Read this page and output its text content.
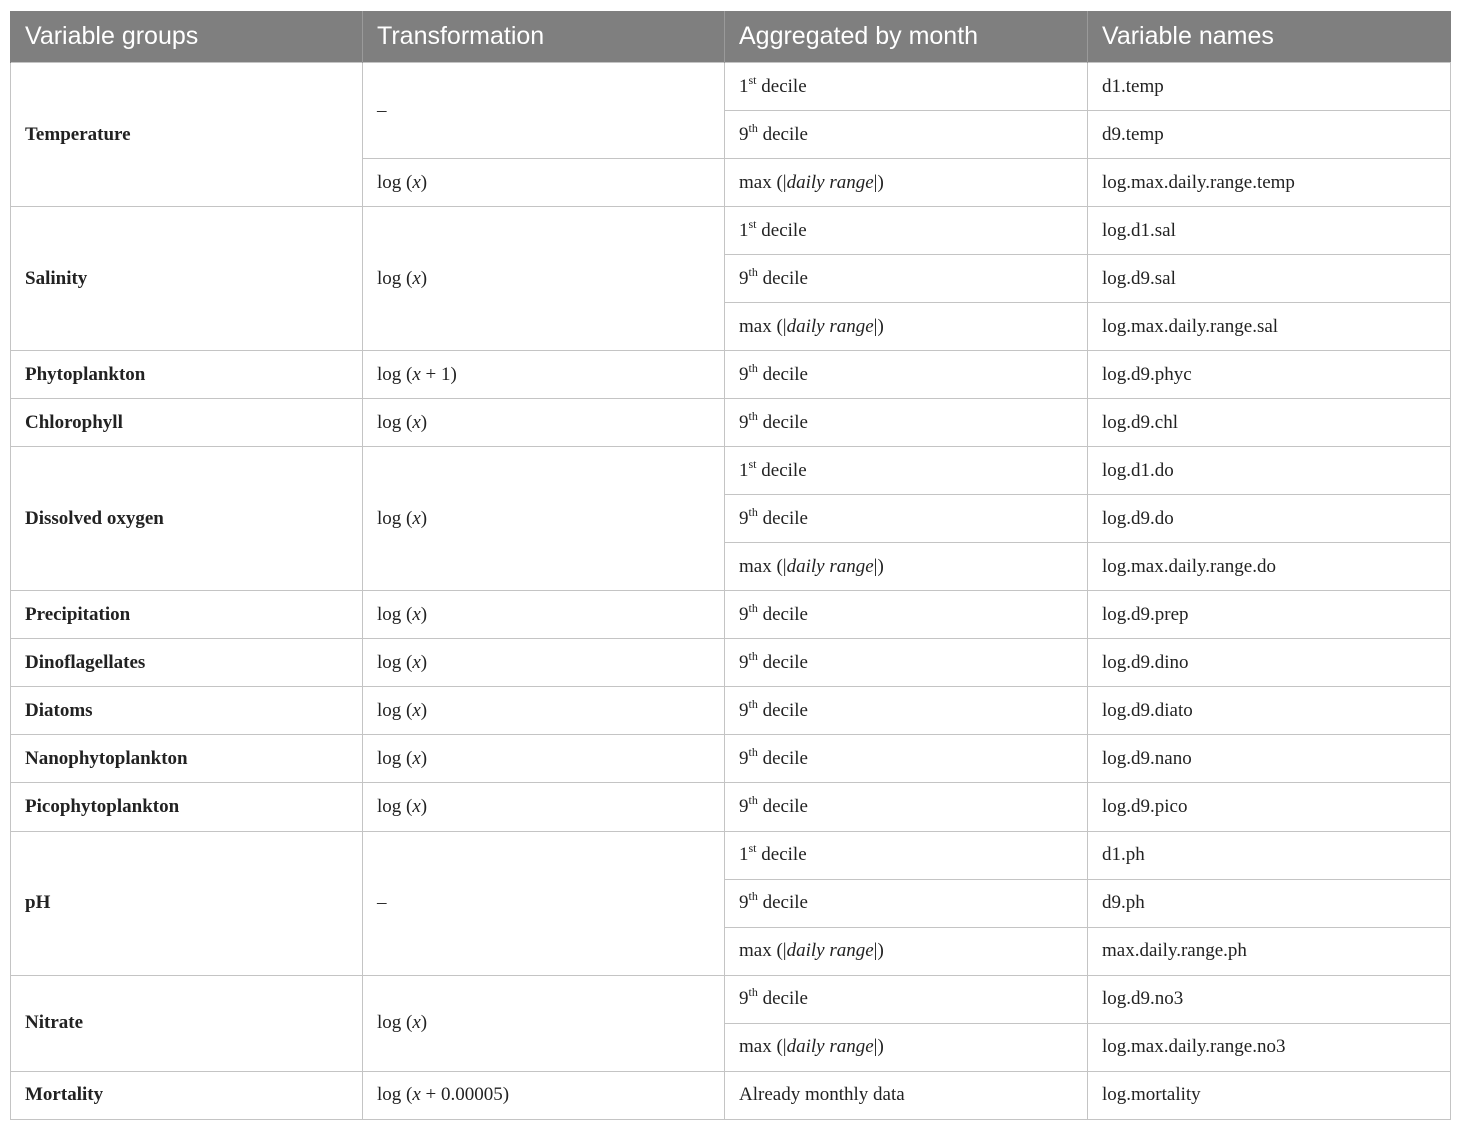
Variable groups	Transformation	Aggregated by month	Variable names
Temperature	–	1st decile	d1.temp
		9th decile	d9.temp
	log (x)	max (|daily range|)	log.max.daily.range.temp
Salinity	log (x)	1st decile	log.d1.sal
		9th decile	log.d9.sal
		max (|daily range|)	log.max.daily.range.sal
Phytoplankton	log (x + 1)	9th decile	log.d9.phyc
Chlorophyll	log (x)	9th decile	log.d9.chl
Dissolved oxygen	log (x)	1st decile	log.d1.do
		9th decile	log.d9.do
		max (|daily range|)	log.max.daily.range.do
Precipitation	log (x)	9th decile	log.d9.prep
Dinoflagellates	log (x)	9th decile	log.d9.dino
Diatoms	log (x)	9th decile	log.d9.diato
Nanophytoplankton	log (x)	9th decile	log.d9.nano
Picophytoplankton	log (x)	9th decile	log.d9.pico
pH	–	1st decile	d1.ph
		9th decile	d9.ph
		max (|daily range|)	max.daily.range.ph
Nitrate	log (x)	9th decile	log.d9.no3
		max (|daily range|)	log.max.daily.range.no3
Mortality	log (x + 0.00005)	Already monthly data	log.mortality
